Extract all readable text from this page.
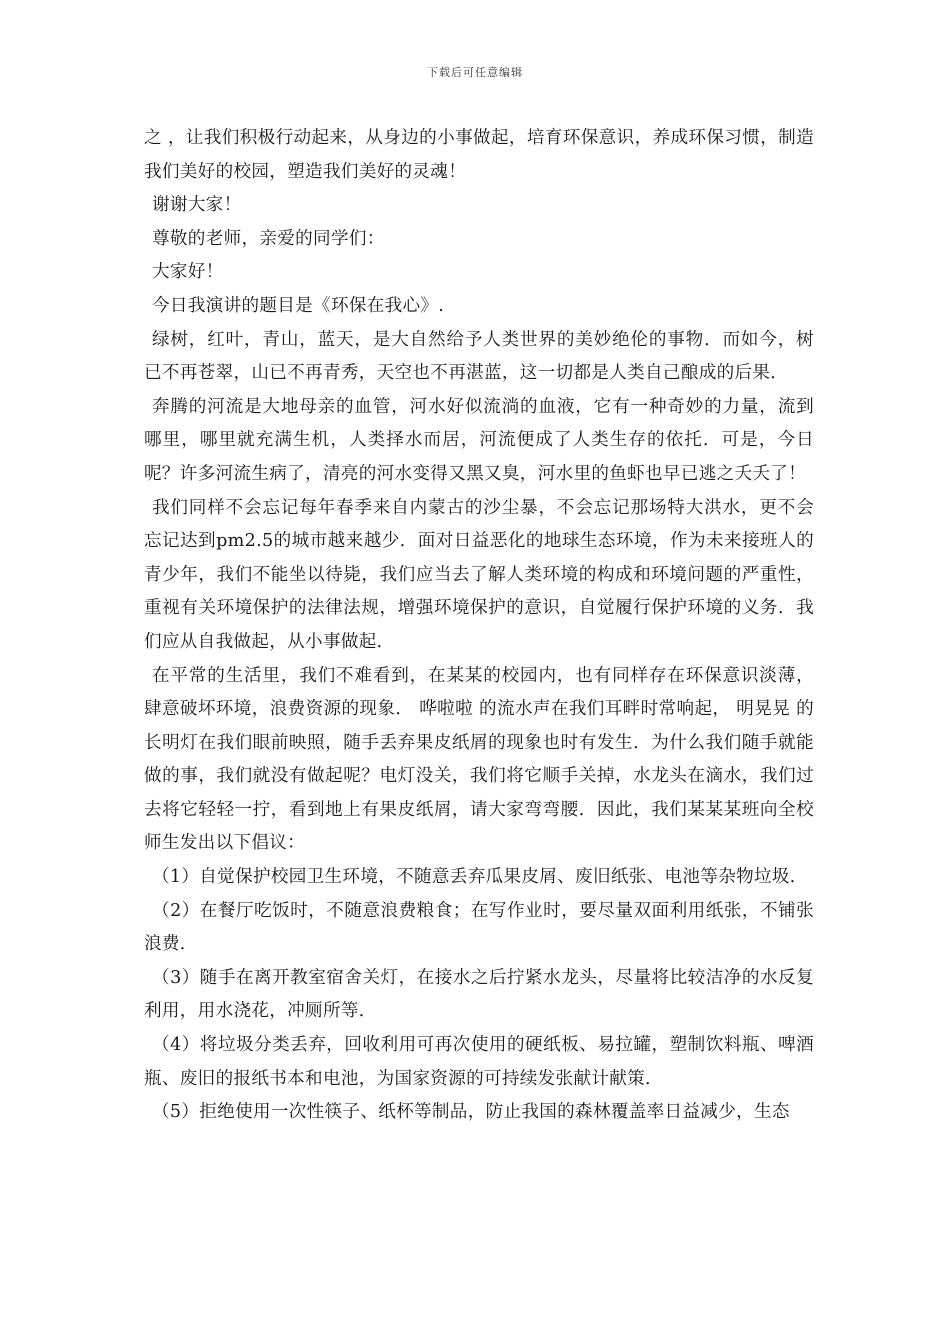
下载后可任意编辑

之 ，让我们积极行动起来，从身边的小事做起，培育环保意识，养成环保习惯，制造我们美好的校园，塑造我们美好的灵魂！

谢谢大家！

尊敬的老师，亲爱的同学们：

大家好！

今日我演讲的题目是《环保在我心》.

绿树，红叶，青山，蓝天，是大自然给予人类世界的美妙绝伦的事物．而如今，树已不再苍翠，山已不再青秀，天空也不再湛蓝，这一切都是人类自己酿成的后果．

奔腾的河流是大地母亲的血管，河水好似流淌的血液，它有一种奇妙的力量，流到哪里，哪里就充满生机，人类择水而居，河流便成了人类生存的依托．可是，今日呢？许多河流生病了，清亮的河水变得又黑又臭，河水里的鱼虾也早已逃之夭夭了！

我们同样不会忘记每年春季来自内蒙古的沙尘暴，不会忘记那场特大洪水，更不会忘记达到pm2.5的城市越来越少．面对日益恶化的地球生态环境，作为未来接班人的青少年，我们不能坐以待毙，我们应当去了解人类环境的构成和环境问题的严重性，重视有关环境保护的法律法规，增强环境保护的意识，自觉履行保护环境的义务．我们应从自我做起，从小事做起．

在平常的生活里，我们不难看到，在某某的校园内，也有同样存在环保意识淡薄，肆意破坏环境，浪费资源的现象． 哗啦啦 的流水声在我们耳畔时常响起， 明晃晃 的长明灯在我们眼前映照，随手丢弃果皮纸屑的现象也时有发生．为什么我们随手就能做的事，我们就没有做起呢？电灯没关，我们将它顺手关掉，水龙头在滴水，我们过去将它轻轻一拧，看到地上有果皮纸屑，请大家弯弯腰．因此，我们某某某班向全校师生发出以下倡议：

（1）自觉保护校园卫生环境，不随意丢弃瓜果皮屑、废旧纸张、电池等杂物垃圾．

（2）在餐厅吃饭时，不随意浪费粮食；在写作业时，要尽量双面利用纸张，不铺张浪费．

（3）随手在离开教室宿舍关灯，在接水之后拧紧水龙头，尽量将比较洁净的水反复利用，用水浇花，冲厕所等．

（4）将垃圾分类丢弃，回收利用可再次使用的硬纸板、易拉罐，塑制饮料瓶、啤酒瓶、废旧的报纸书本和电池，为国家资源的可持续发张献计献策．

（5）拒绝使用一次性筷子、纸杯等制品，防止我国的森林覆盖率日益减少，生态
